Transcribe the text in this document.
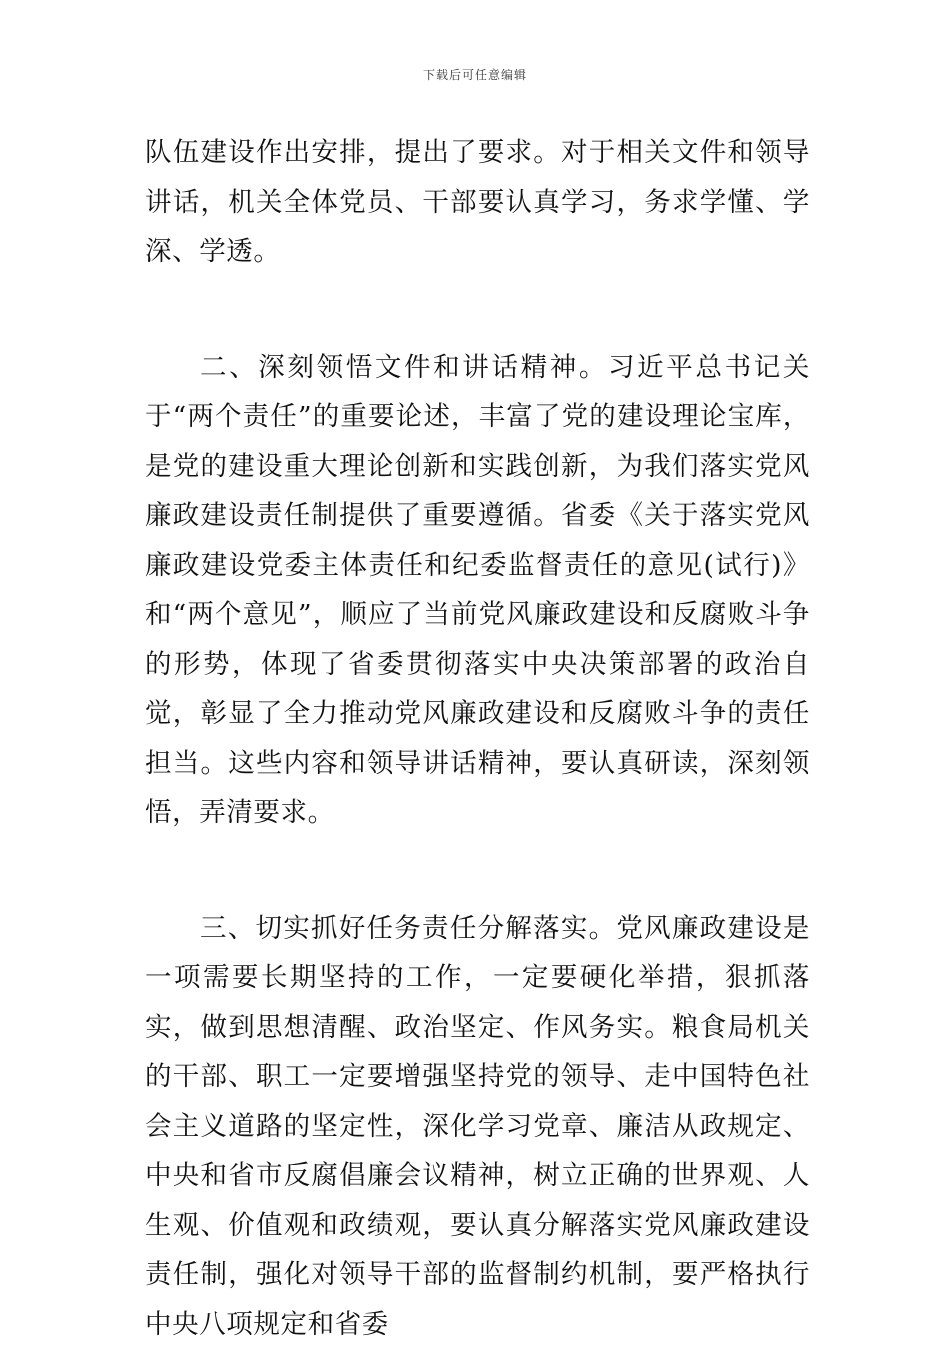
下载后可任意编辑

队伍建设作出安排，提出了要求。对于相关文件和领导讲话，机关全体党员、干部要认真学习，务求学懂、学深、学透。

二、深刻领悟文件和讲话精神。习近平总书记关于“两个责任”的重要论述，丰富了党的建设理论宝库，是党的建设重大理论创新和实践创新，为我们落实党风廉政建设责任制提供了重要遵循。省委《关于落实党风廉政建设党委主体责任和纪委监督责任的意见(试行)》和“两个意见”，顺应了当前党风廉政建设和反腐败斗争的形势，体现了省委贯彻落实中央决策部署的政治自觉，彰显了全力推动党风廉政建设和反腐败斗争的责任担当。这些内容和领导讲话精神，要认真研读，深刻领悟，弄清要求。

三、切实抓好任务责任分解落实。党风廉政建设是一项需要长期坚持的工作，一定要硬化举措，狠抓落实，做到思想清醒、政治坚定、作风务实。粮食局机关的干部、职工一定要增强坚持党的领导、走中国特色社会主义道路的坚定性，深化学习党章、廉洁从政规定、中央和省市反腐倡廉会议精神，树立正确的世界观、人生观、价值观和政绩观，要认真分解落实党风廉政建设责任制，强化对领导干部的监督制约机制，要严格执行中央八项规定和省委
